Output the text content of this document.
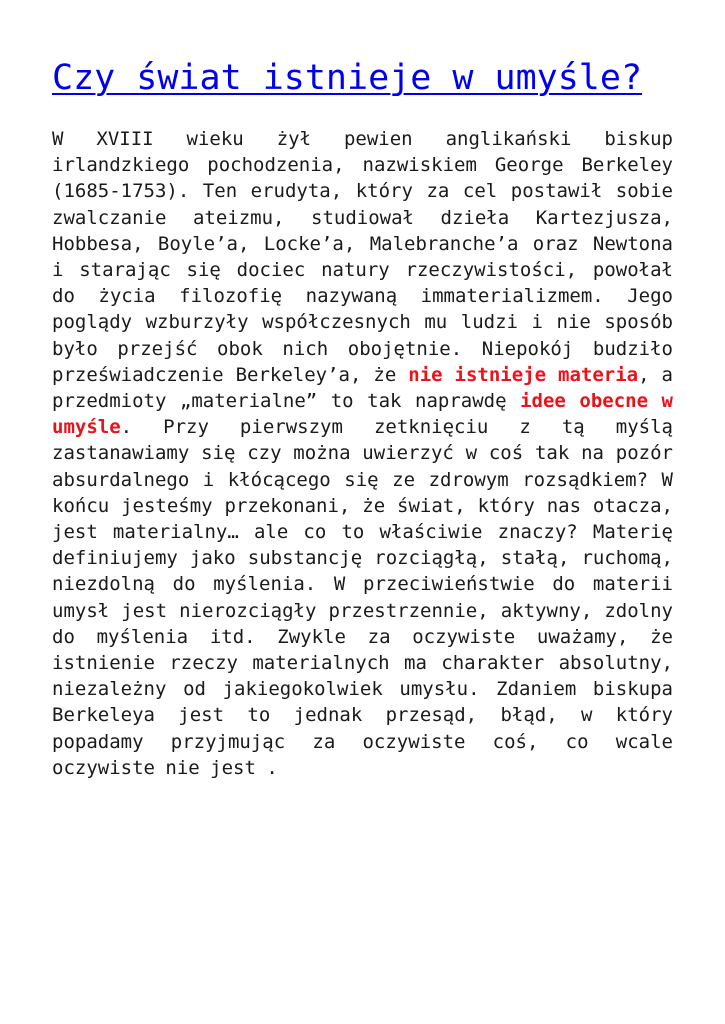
Czy świat istnieje w umyśle?

W XVIII wieku żył pewien anglikański biskup irlandzkiego pochodzenia, nazwiskiem George Berkeley (1685-1753). Ten erudyta, który za cel postawił sobie zwalczanie ateizmu, studiował dzieła Kartezjusza, Hobbesa, Boyle’a, Locke’a, Malebranche’a oraz Newtona i starając się dociec natury rzeczywistości, powołał do życia filozofię nazywaną immaterializmem. Jego poglądy wzburzyły współczesnych mu ludzi i nie sposób było przejść obok nich obojętnie. Niepokój budziło przeświadczenie Berkeley’a, że nie istnieje materia, a przedmioty „materialne” to tak naprawdę idee obecne w umyśle. Przy pierwszym zetknięciu z tą myślą zastanawiamy się czy można uwierzyć w coś tak na pozór absurdalnego i kłócącego się ze zdrowym rozsądkiem? W końcu jesteśmy przekonani, że świat, który nas otacza, jest materialny… ale co to właściwie znaczy? Materię definiujemy jako substancję rozciągłą, stałą, ruchomą, niezdolną do myślenia. W przeciwieństwie do materii umysł jest nierozciągły przestrzennie, aktywny, zdolny do myślenia itd. Zwykle za oczywiste uważamy, że istnienie rzeczy materialnych ma charakter absolutny, niezależny od jakiegokolwiek umysłu. Zdaniem biskupa Berkeleya jest to jednak przesąd, błąd, w który popadamy przyjmując za oczywiste coś, co wcale oczywiste nie jest .
